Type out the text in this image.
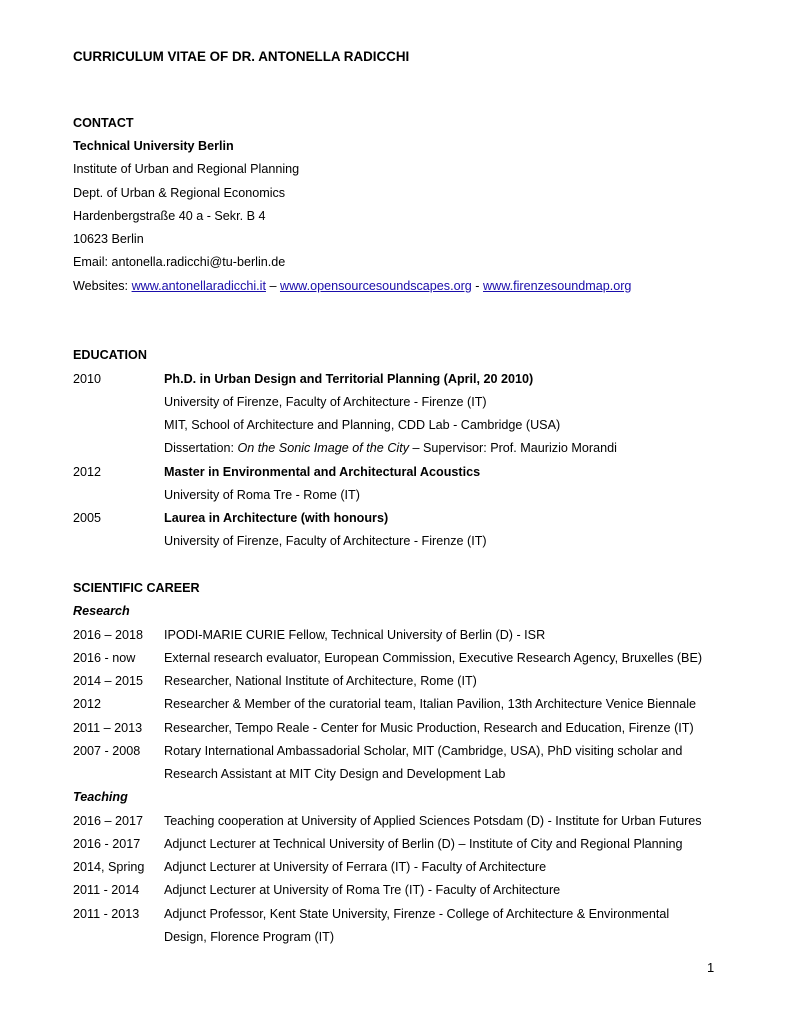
CURRICULUM VITAE OF DR. ANTONELLA RADICCHI
CONTACT
Technical University Berlin
Institute of Urban and Regional Planning
Dept. of Urban & Regional Economics
Hardenbergstraße 40 a - Sekr. B 4
10623 Berlin
Email: antonella.radicchi@tu-berlin.de
Websites: www.antonellaradicchi.it – www.opensourcesoundscapes.org - www.firenzesoundmap.org
EDUCATION
2010	Ph.D. in Urban Design and Territorial Planning (April, 20 2010)
University of Firenze, Faculty of Architecture - Firenze (IT)
MIT, School of Architecture and Planning, CDD Lab - Cambridge (USA)
Dissertation: On the Sonic Image of the City – Supervisor: Prof. Maurizio Morandi
2012	Master in Environmental and Architectural Acoustics
University of Roma Tre - Rome (IT)
2005	Laurea in Architecture (with honours)
University of Firenze, Faculty of Architecture - Firenze (IT)
SCIENTIFIC CAREER
Research
2016 – 2018 IPODI-MARIE CURIE Fellow, Technical University of Berlin (D) - ISR
2016 - now External research evaluator, European Commission, Executive Research Agency, Bruxelles (BE)
2014 – 2015 Researcher, National Institute of Architecture, Rome (IT)
2012	Researcher & Member of the curatorial team, Italian Pavilion, 13th Architecture Venice Biennale
2011 – 2013 Researcher, Tempo Reale - Center for Music Production, Research and Education, Firenze (IT)
2007 - 2008 Rotary International Ambassadorial Scholar, MIT (Cambridge, USA), PhD visiting scholar and
Research Assistant at MIT City Design and Development Lab
Teaching
2016 – 2017 Teaching cooperation at University of Applied Sciences Potsdam (D) - Institute for Urban Futures
2016 - 2017 Adjunct Lecturer at Technical University of Berlin (D) – Institute of City and Regional Planning
2014, Spring Adjunct Lecturer at University of Ferrara (IT) - Faculty of Architecture
2011 - 2014 Adjunct Lecturer at University of Roma Tre (IT) - Faculty of Architecture
2011 - 2013 Adjunct Professor, Kent State University, Firenze - College of Architecture & Environmental
Design, Florence Program (IT)
1
